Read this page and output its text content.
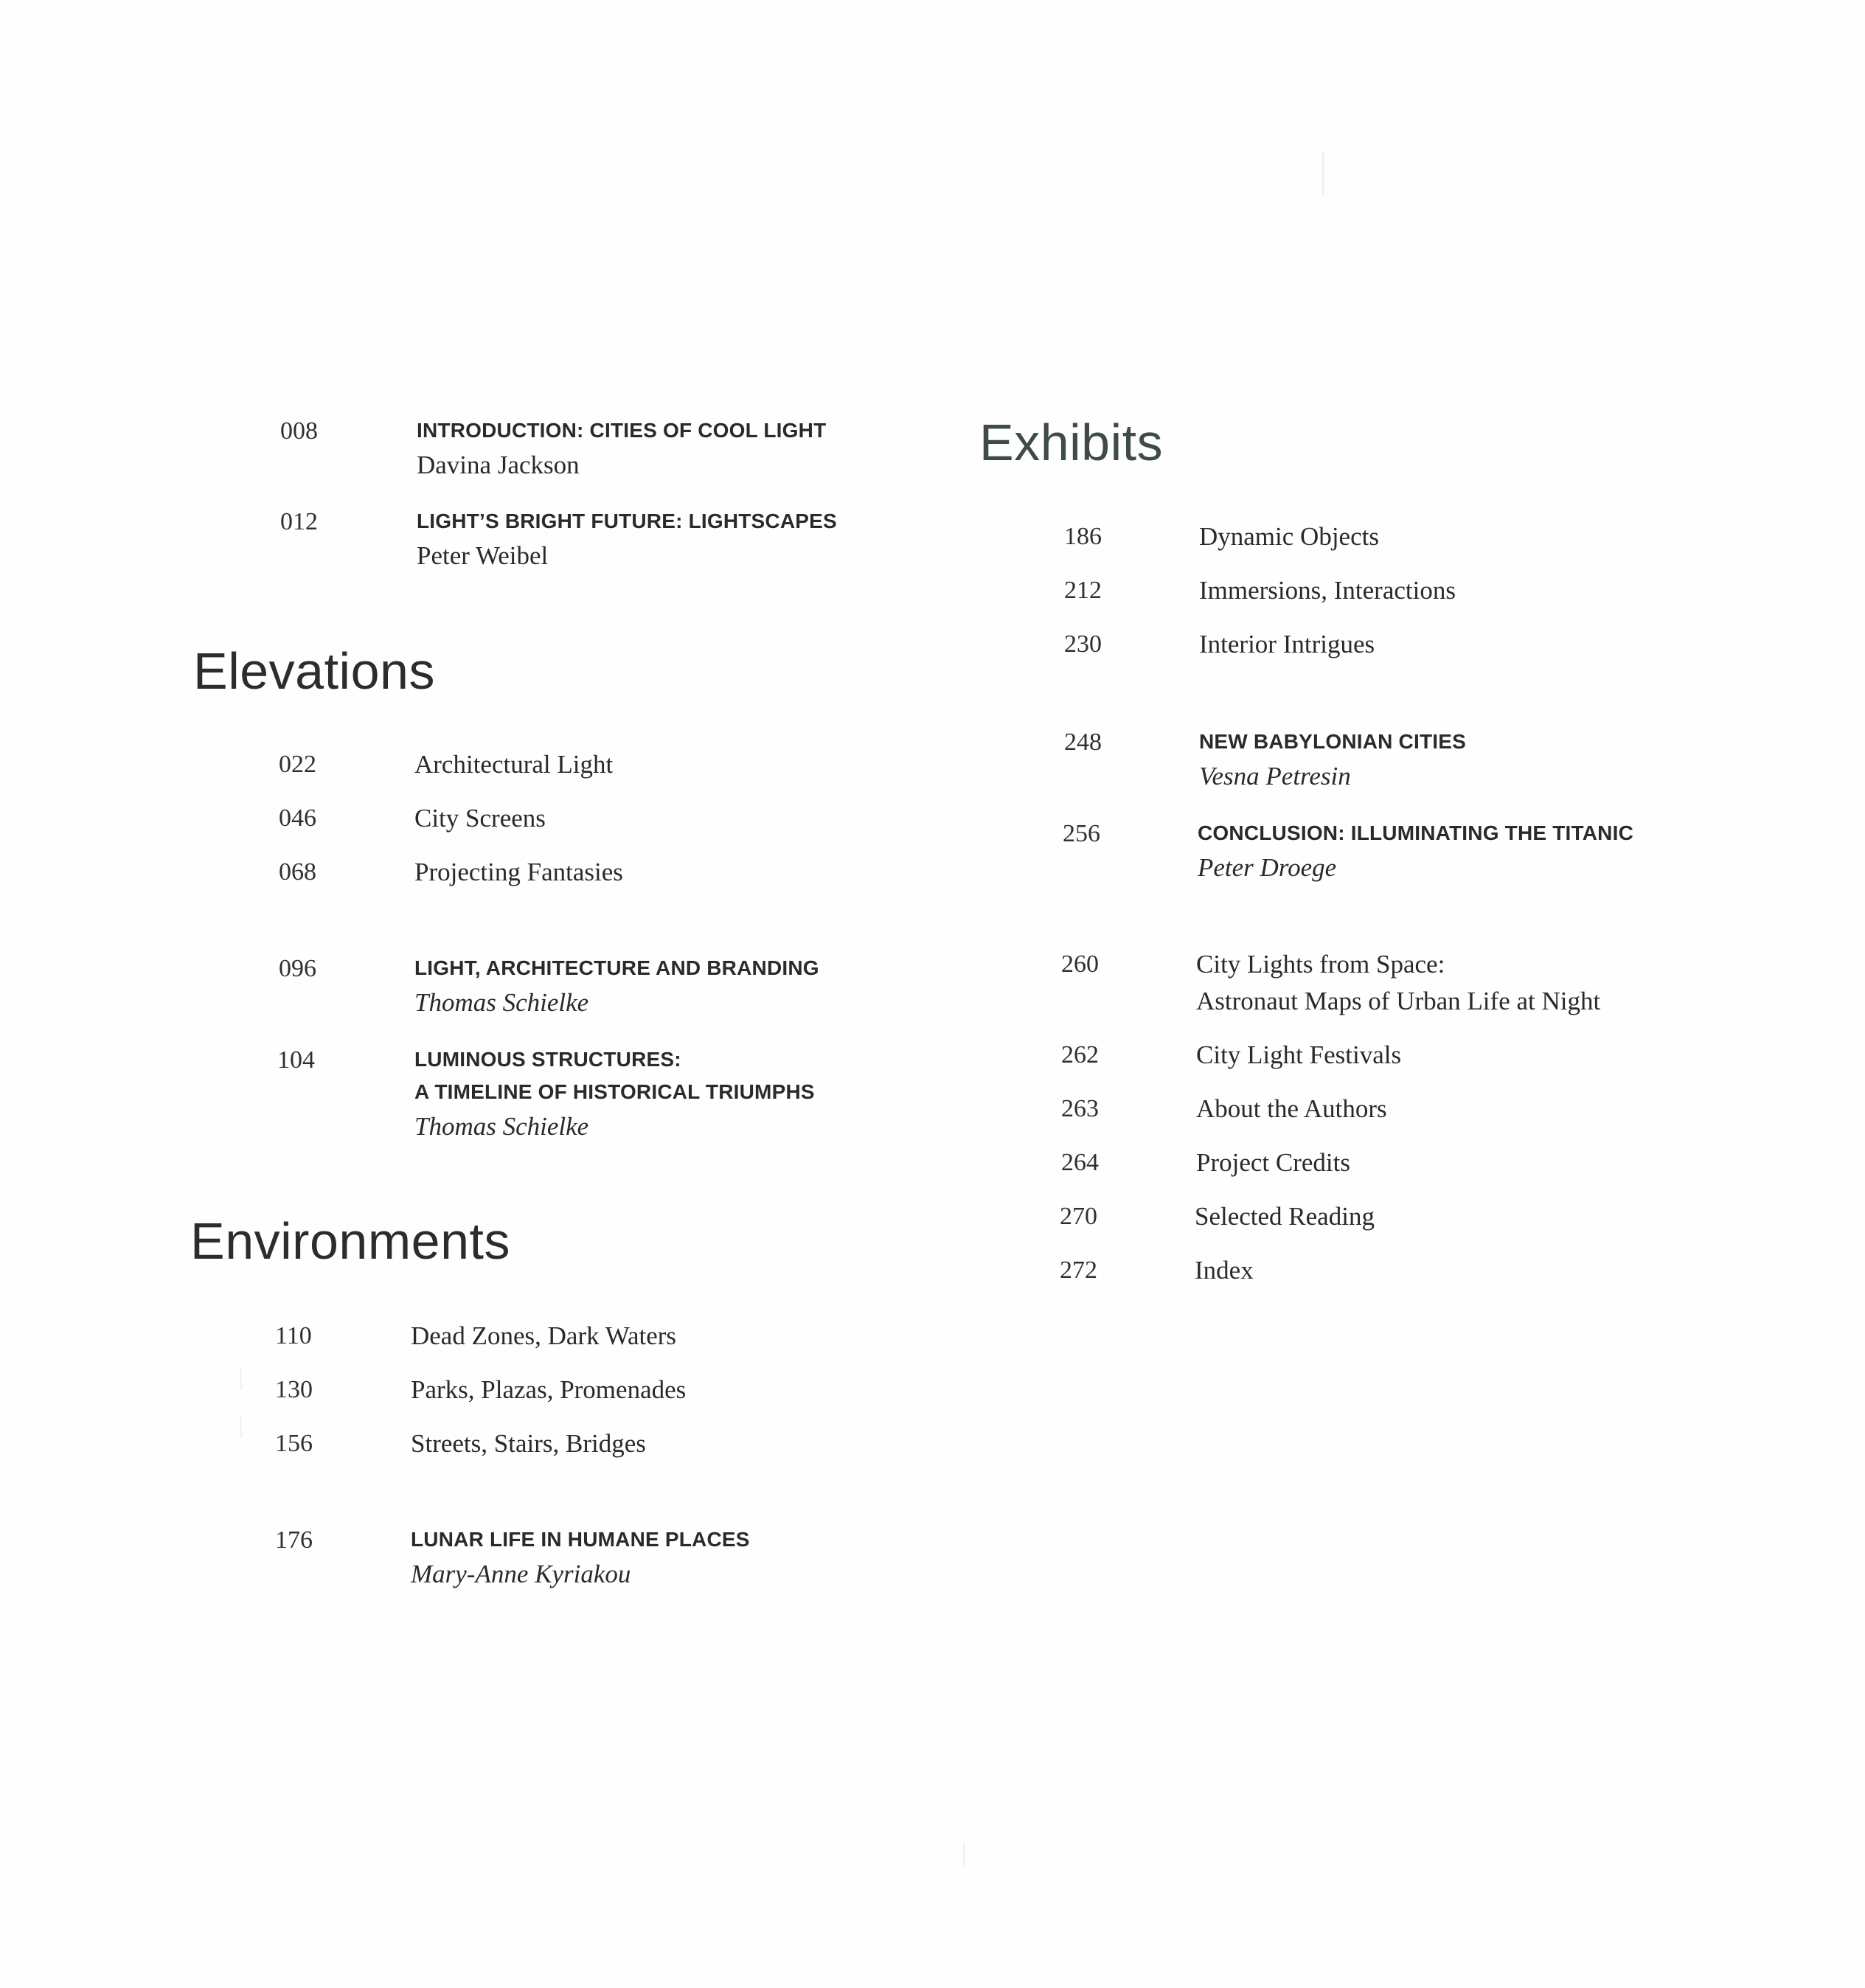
008	INTRODUCTION: CITIES OF COOL LIGHT
Davina Jackson
012	LIGHT’S BRIGHT FUTURE: LIGHTSCAPES
Peter Weibel
Elevations
022	Architectural Light
046	City Screens
068	Projecting Fantasies
096	LIGHT, ARCHITECTURE AND BRANDING
Thomas Schielke
104	LUMINOUS STRUCTURES:
A TIMELINE OF HISTORICAL TRIUMPHS
Thomas Schielke
Environments
110	Dead Zones, Dark Waters
130	Parks, Plazas, Promenades
156	Streets, Stairs, Bridges
176	LUNAR LIFE IN HUMANE PLACES
Mary-Anne Kyriakou
Exhibits
186	Dynamic Objects
212	Immersions, Interactions
230	Interior Intrigues
248	NEW BABYLONIAN CITIES
Vesna Petresin
256	CONCLUSION: ILLUMINATING THE TITANIC
Peter Droege
260	City Lights from Space:
Astronaut Maps of Urban Life at Night
262	City Light Festivals
263	About the Authors
264	Project Credits
270	Selected Reading
272	Index
